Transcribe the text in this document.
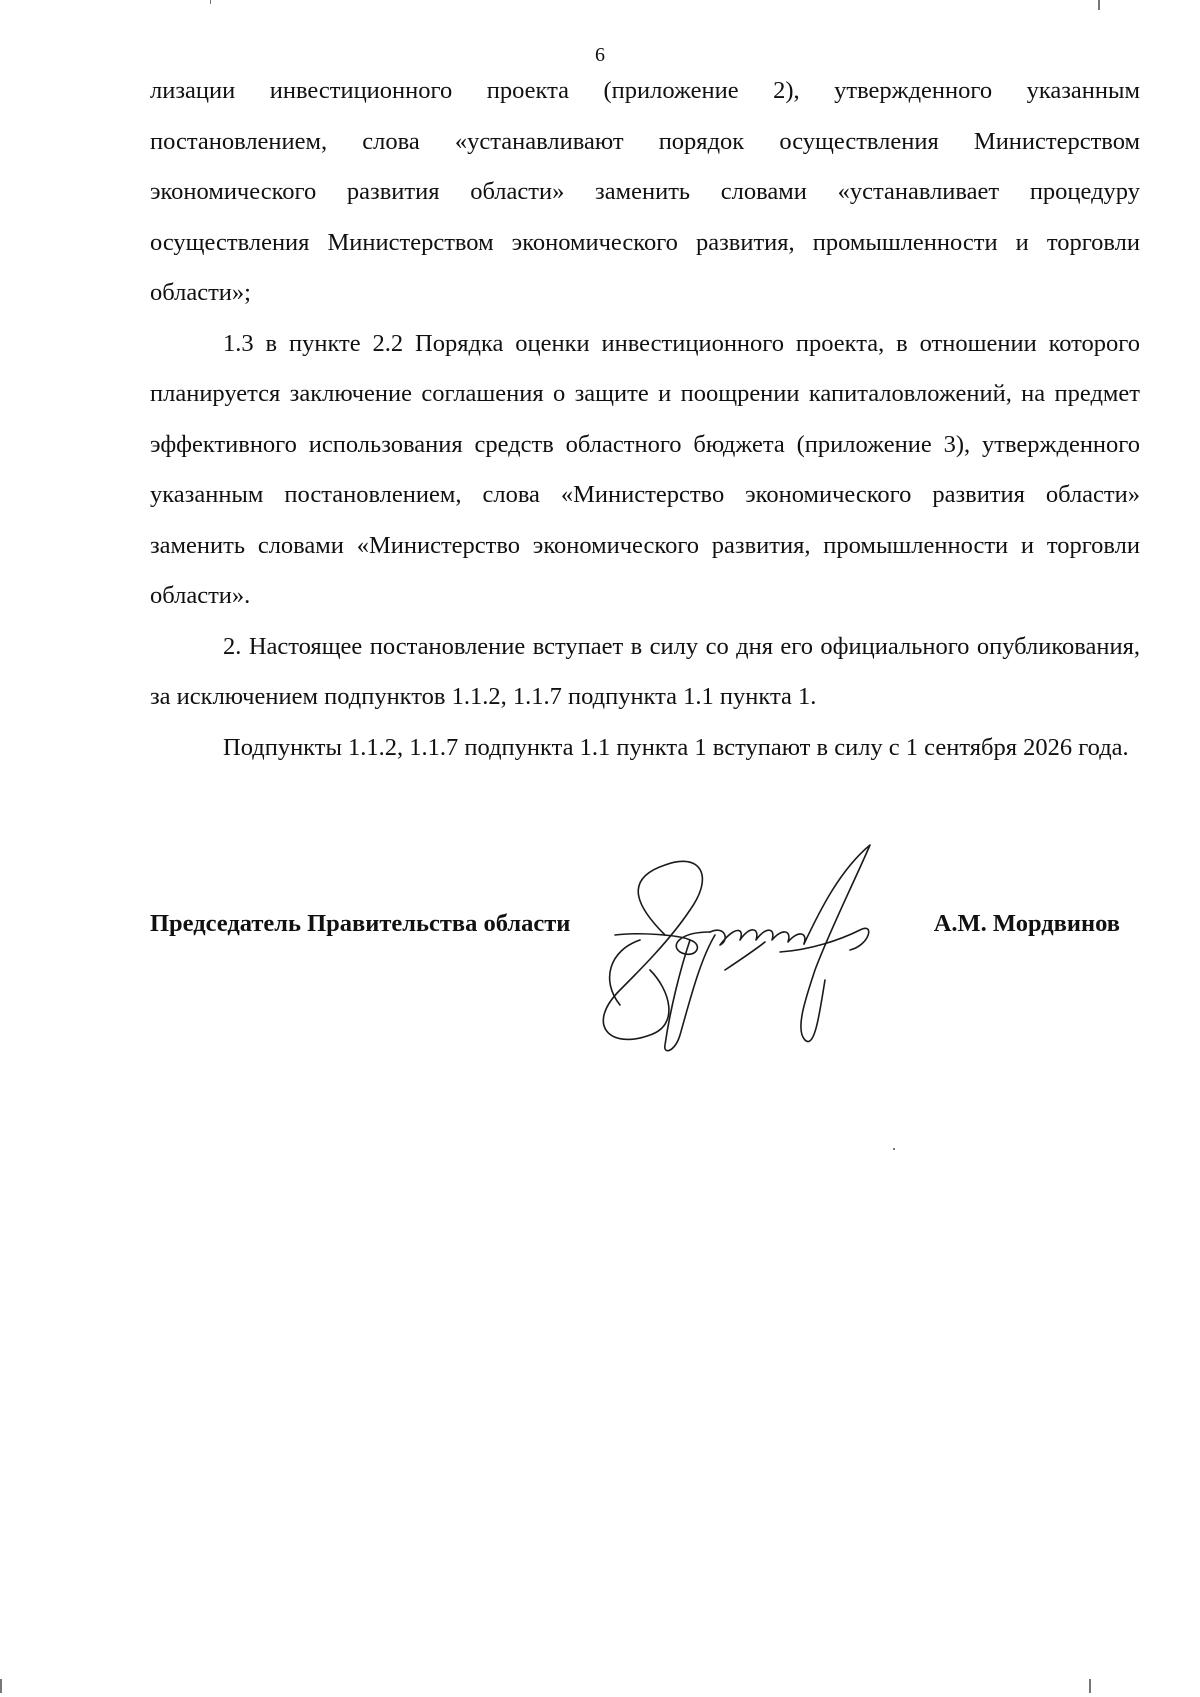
6

лизации инвестиционного проекта (приложение 2), утвержденного указанным постановлением, слова «устанавливают порядок осуществления Министерством экономического развития области» заменить словами «устанавливает процедуру осуществления Министерством экономического развития, промышленности и торговли области»;

1.3 в пункте 2.2 Порядка оценки инвестиционного проекта, в отношении которого планируется заключение соглашения о защите и поощрении капиталовложений, на предмет эффективного использования средств областного бюджета (приложение 3), утвержденного указанным постановлением, слова «Министерство экономического развития области» заменить словами «Министерство экономического развития, промышленности и торговли области».

2. Настоящее постановление вступает в силу со дня его официального опубликования, за исключением подпунктов 1.1.2, 1.1.7 подпункта 1.1 пункта 1.

Подпункты 1.1.2, 1.1.7 подпункта 1.1 пункта 1 вступают в силу с 1 сентября 2026 года.

Председатель Правительства области	А.М. Мордвинов
